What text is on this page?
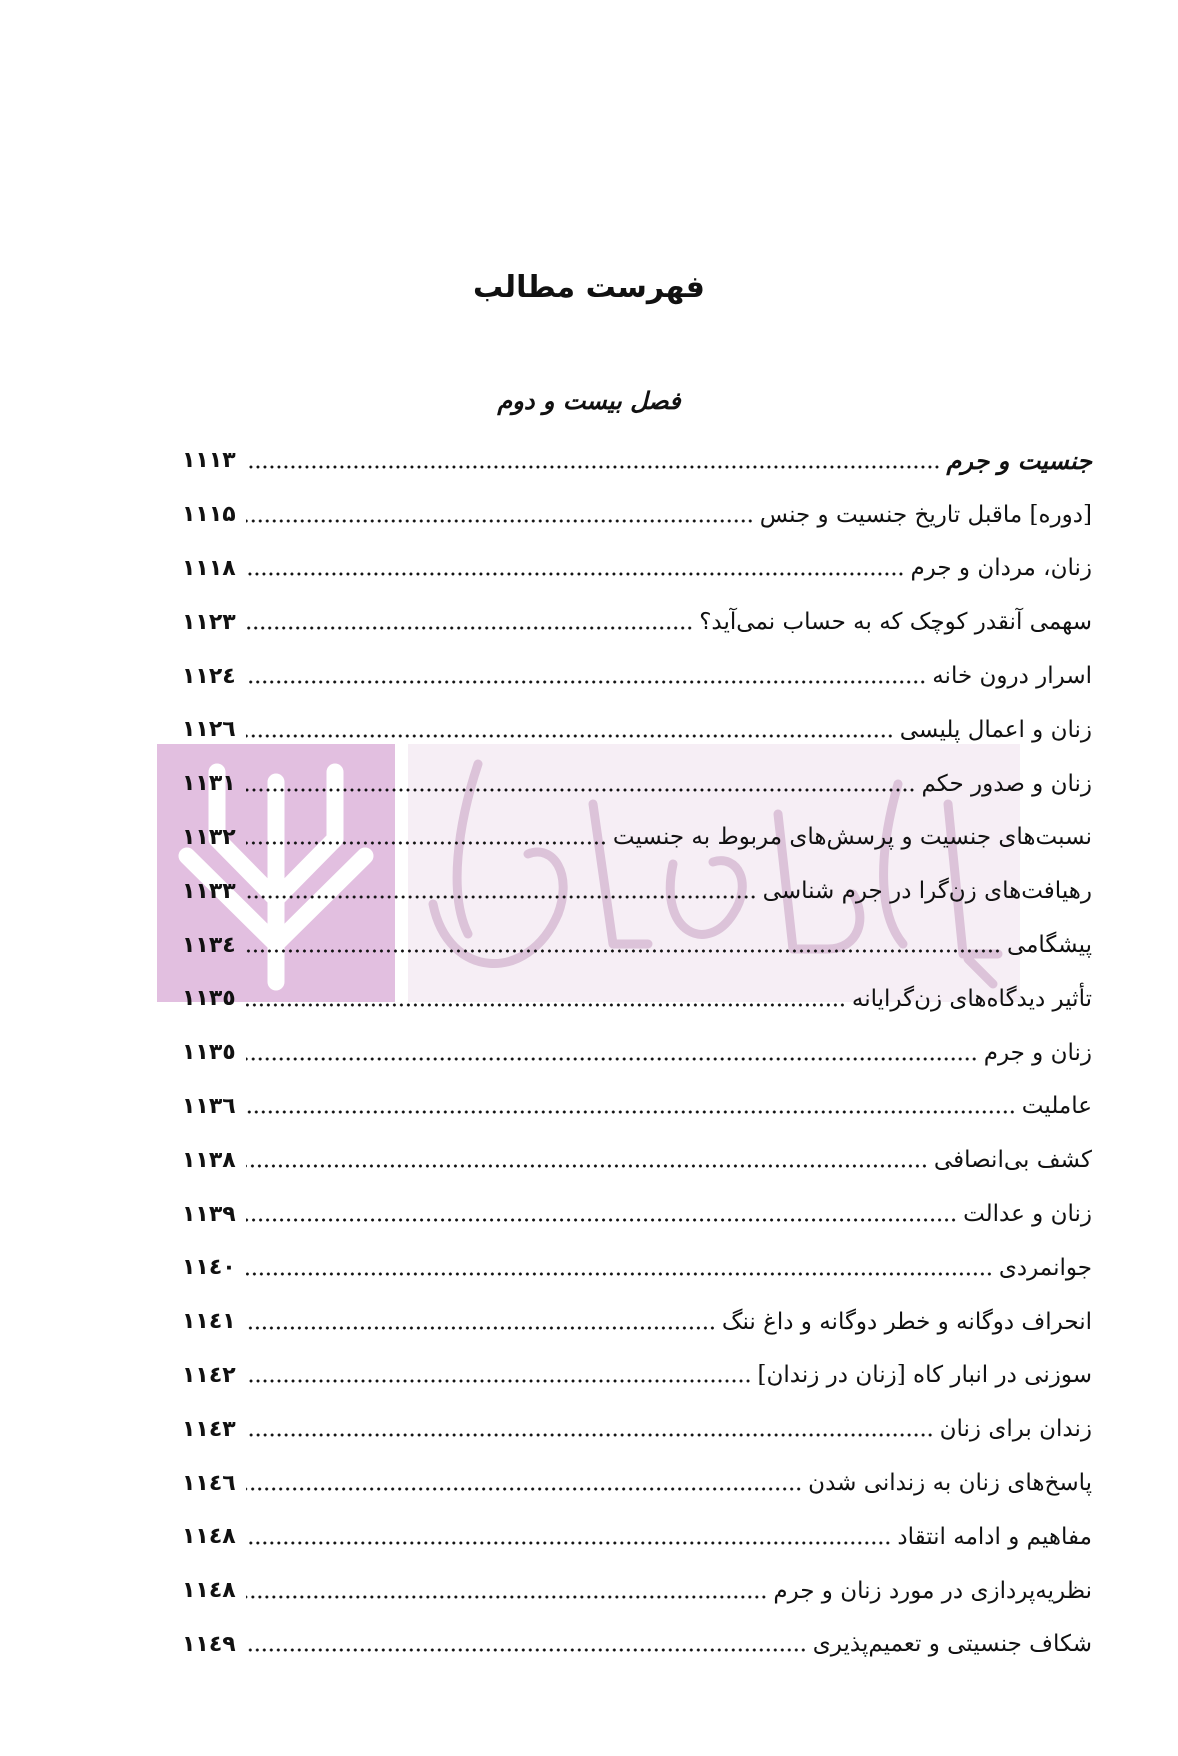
فهرست مطالب
فصل بیست و دوم
جنسیت و جرم
۱۱۱۳
[دوره] ماقبل تاریخ جنسیت و جنس
۱۱۱۵
زنان، مردان و جرم
۱۱۱۸
سهمی آنقدر کوچک که به حساب نمی‌آید؟
۱۱۲۳
اسرار درون خانه
۱۱۲٤
زنان و اعمال پلیسی
۱۱۲٦
زنان و صدور حکم
۱۱۳۱
نسبت‌های جنسیت و پرسش‌های مربوط به جنسیت
۱۱۳۲
رهیافت‌های زن‌گرا در جرم شناسی
۱۱۳۳
پیشگامی
۱۱۳٤
تأثیر دیدگاه‌های زن‌گرایانه
۱۱۳٥
زنان و جرم
۱۱۳٥
عاملیت
۱۱۳٦
کشف بی‌انصافی
۱۱۳۸
زنان و عدالت
۱۱۳۹
جوانمردی
۱۱٤۰
انحراف دوگانه و خطر دوگانه و داغ ننگ
۱۱٤۱
سوزنی در انبار کاه [زنان در زندان]
۱۱٤۲
زندان برای زنان
۱۱٤۳
پاسخ‌های زنان به زندانی شدن
۱۱٤٦
مفاهیم و ادامه انتقاد
۱۱٤۸
نظریه‌پردازی در مورد زنان و جرم
۱۱٤۸
شکاف جنسیتی و تعمیم‌پذیری
۱۱٤۹
